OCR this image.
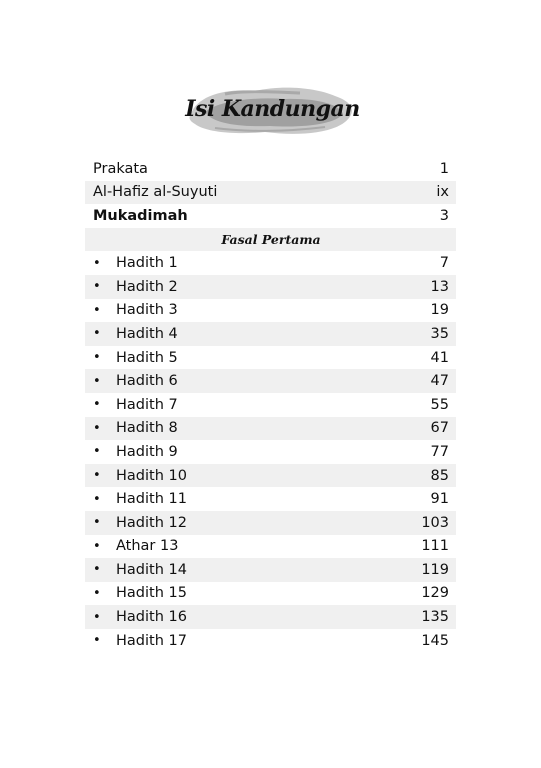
Isi Kandungan
Prakata	1
Al-Hafiz al-Suyuti	ix
Mukadimah	3
Fasal Pertama
•	Hadith 1	7
•	Hadith 2	13
•	Hadith 3	19
•	Hadith 4	35
•	Hadith 5	41
•	Hadith 6	47
•	Hadith 7	55
•	Hadith 8	67
•	Hadith 9	77
•	Hadith 10	85
•	Hadith 11	91
•	Hadith 12	103
•	Athar 13	111
•	Hadith 14	119
•	Hadith 15	129
•	Hadith 16	135
•	Hadith 17	145
